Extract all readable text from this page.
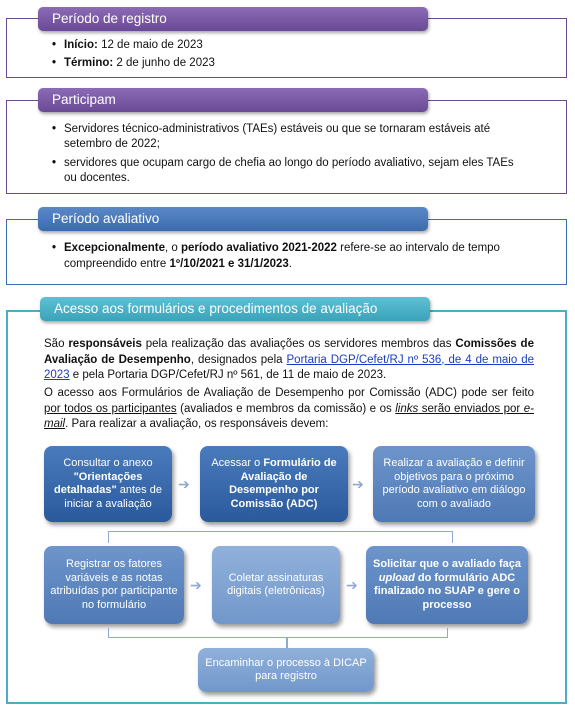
Período de registro
• Início: 12 de maio de 2023
• Término: 2 de junho de 2023
Participam
• Servidores técnico-administrativos (TAEs) estáveis ou que se tornaram estáveis até setembro de 2022;
• servidores que ocupam cargo de chefia ao longo do período avaliativo, sejam eles TAEs ou docentes.
Período avaliativo
• Excepcionalmente, o período avaliativo 2021-2022 refere-se ao intervalo de tempo compreendido entre 1º/10/2021 e 31/1/2023.
Acesso aos formulários e procedimentos de avaliação
São responsáveis pela realização das avaliações os servidores membros das Comissões de Avaliação de Desempenho, designados pela Portaria DGP/Cefet/RJ nº 536, de 4 de maio de 2023 e pela Portaria DGP/Cefet/RJ nº 561, de 11 de maio de 2023.
O acesso aos Formulários de Avaliação de Desempenho por Comissão (ADC) pode ser feito por todos os participantes (avaliados e membros da comissão) e os links serão enviados por e-mail. Para realizar a avaliação, os responsáveis devem:
Consultar o anexo "Orientações detalhadas" antes de iniciar a avaliação
➔
Acessar o Formulário de Avaliação de Desempenho por Comissão (ADC)
➔
Realizar a avaliação e definir objetivos para o próximo período avaliativo em diálogo com o avaliado
Registrar os fatores variáveis e as notas atribuídas por participante no formulário
➔	Coletar assinaturas digitais (eletrônicas)	➔
Solicitar que o avaliado faça upload do formulário ADC finalizado no SUAP e gere o processo
Encaminhar o processo à DICAP para registro
